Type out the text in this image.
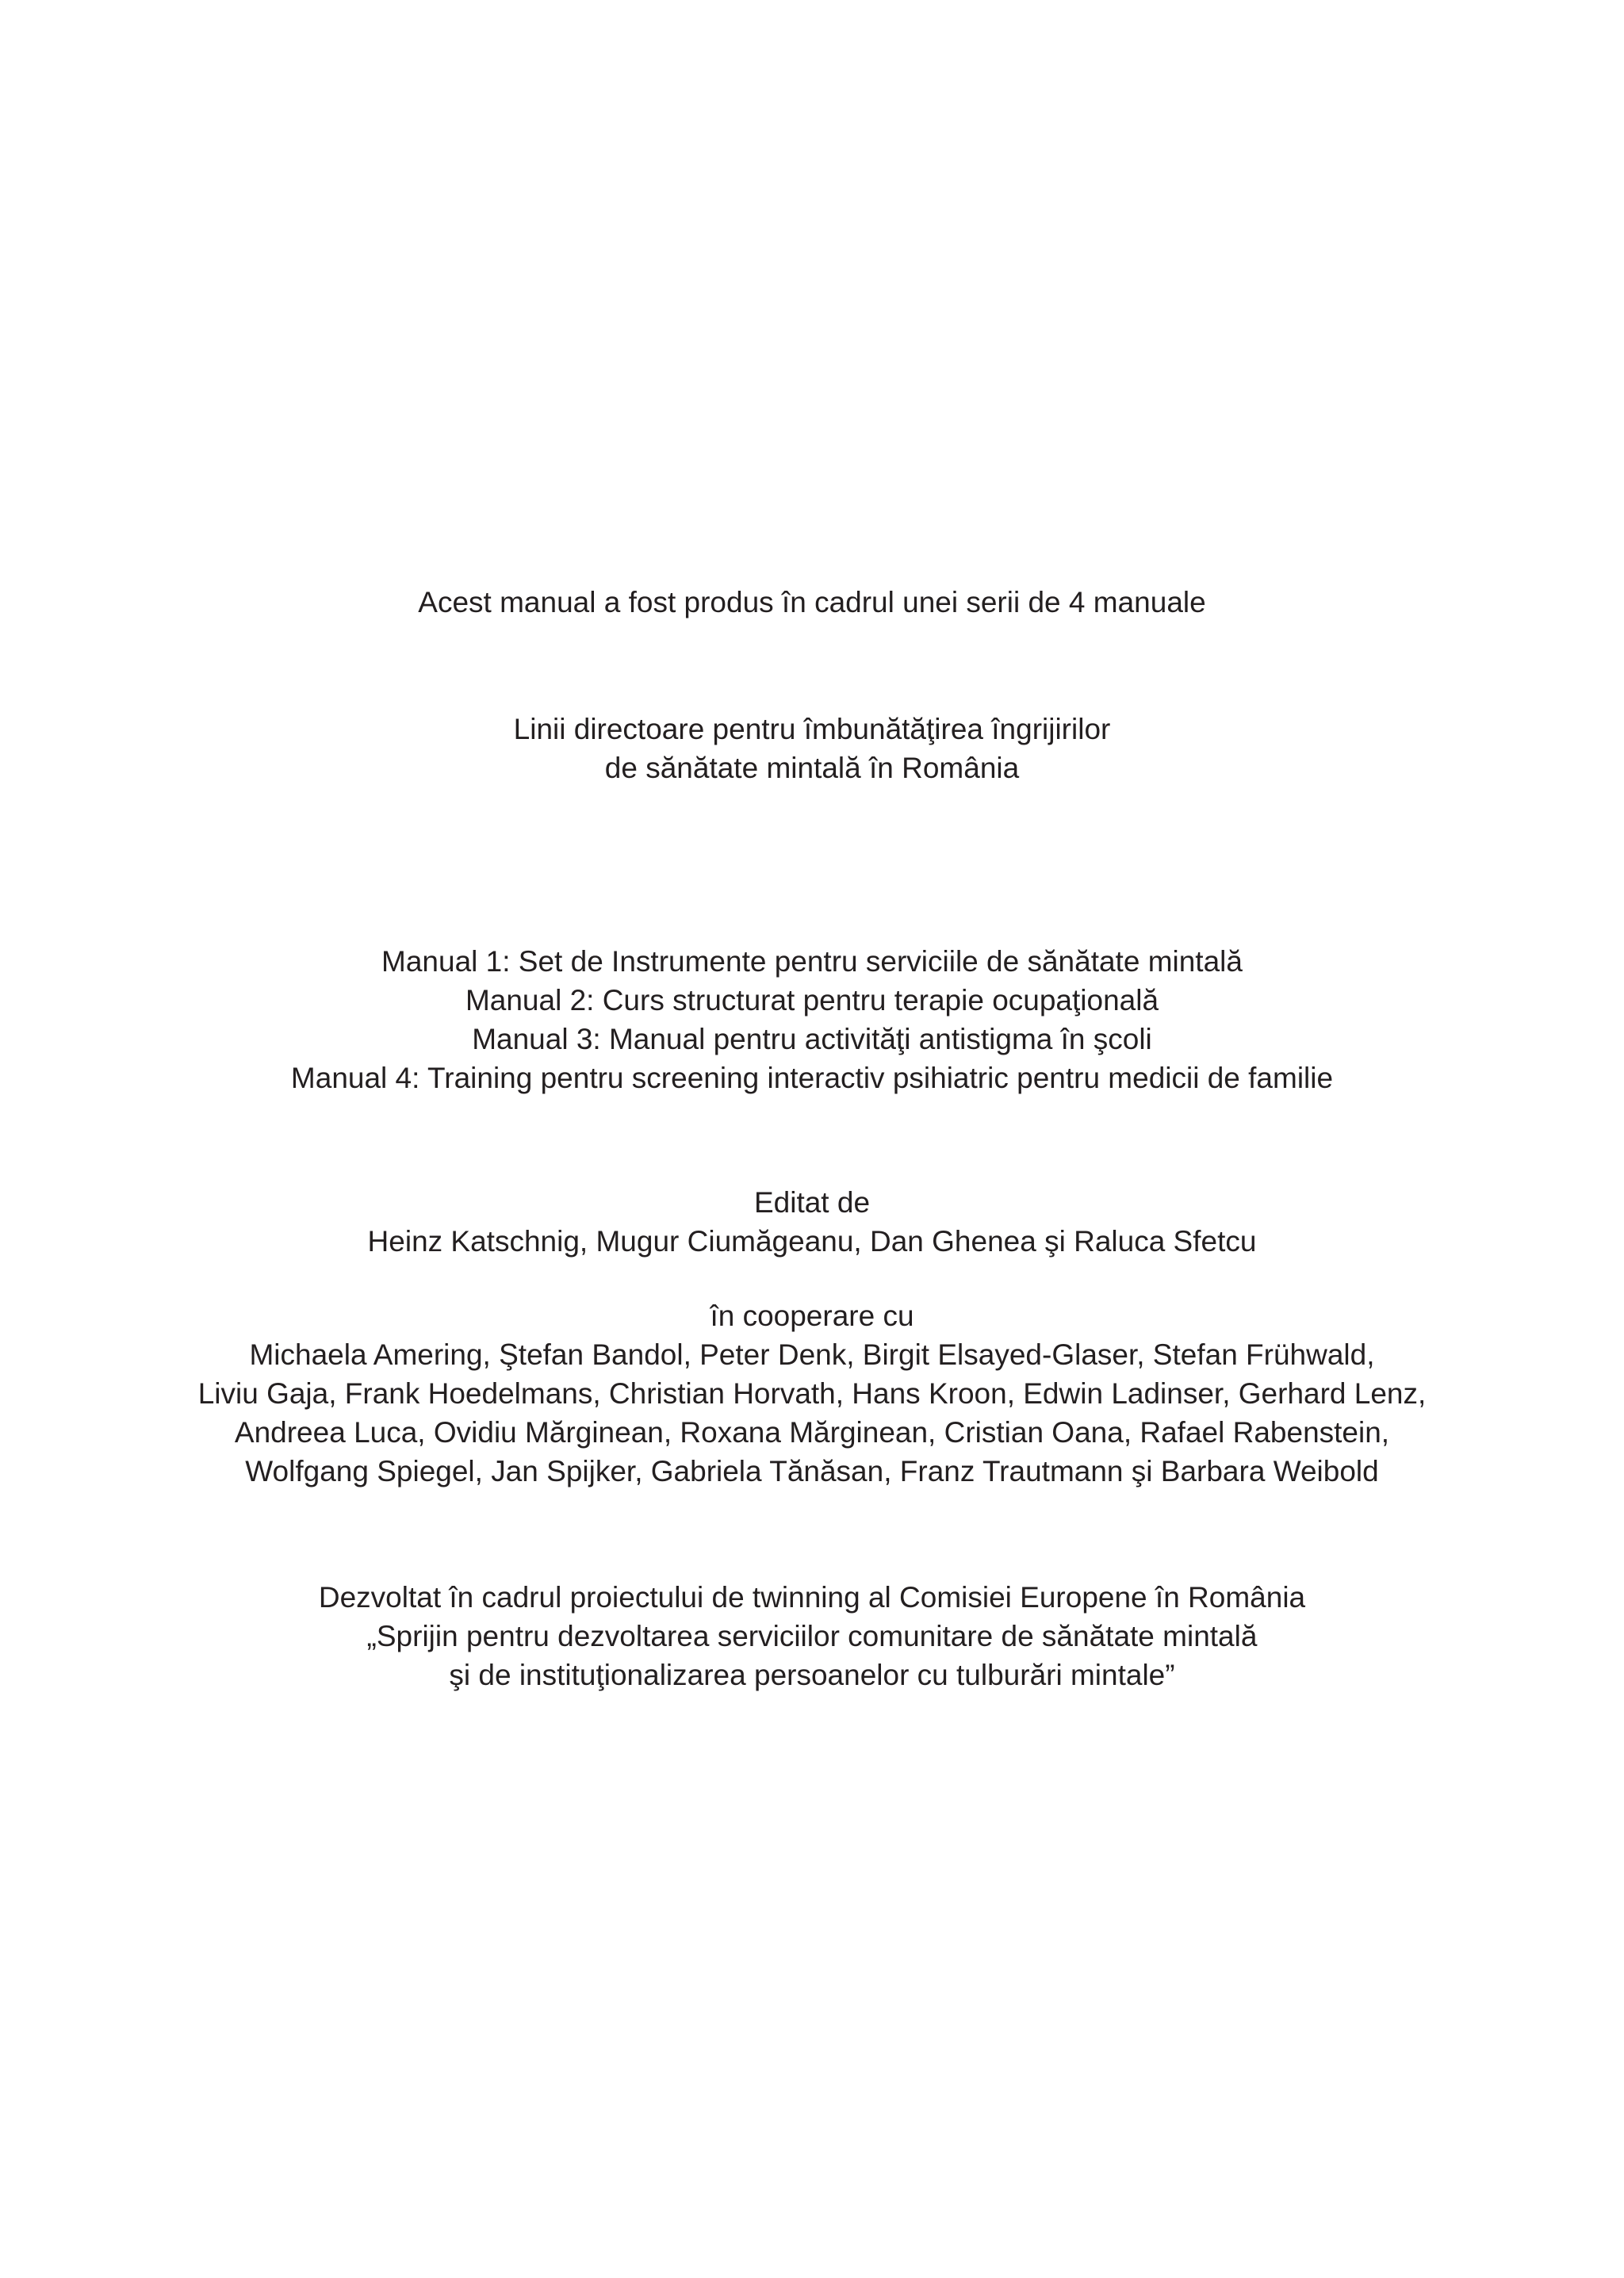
Acest manual a fost produs în cadrul unei serii de 4 manuale

Linii directoare pentru îmbunătăţirea îngrijirilor
de sănătate mintală în România
Manual 1: Set de Instrumente pentru serviciile de sănătate mintală
Manual 2: Curs structurat pentru terapie ocupaţională
Manual 3: Manual pentru activităţi antistigma în şcoli
Manual 4: Training pentru screening interactiv psihiatric pentru medicii de familie
Editat de
Heinz Katschnig, Mugur Ciumăgeanu, Dan Ghenea şi Raluca Sfetcu
în cooperare cu
Michaela Amering, Ştefan Bandol, Peter Denk, Birgit Elsayed-Glaser, Stefan Frühwald,
Liviu Gaja, Frank Hoedelmans, Christian Horvath, Hans Kroon, Edwin Ladinser, Gerhard Lenz,
Andreea Luca, Ovidiu Mărginean, Roxana Mărginean, Cristian Oana, Rafael Rabenstein,
Wolfgang Spiegel, Jan Spijker, Gabriela Tănăsan, Franz Trautmann şi Barbara Weibold
Dezvoltat în cadrul proiectului de twinning al Comisiei Europene în România
„Sprijin pentru dezvoltarea serviciilor comunitare de sănătate mintală
şi de instituţionalizarea persoanelor cu tulburări mintale”
